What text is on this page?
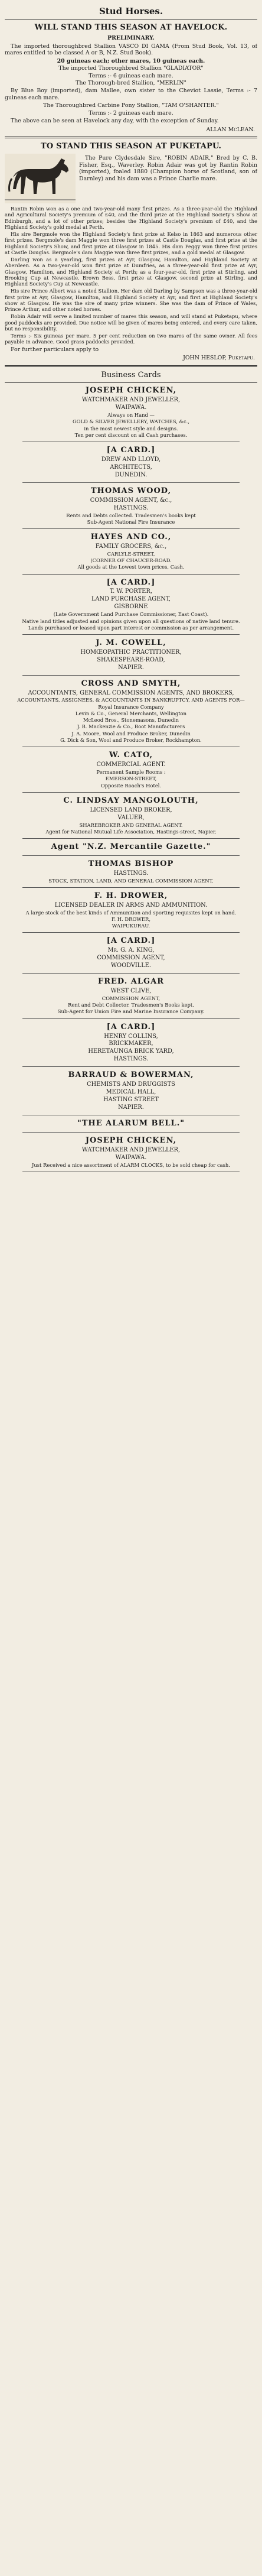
Stud Horses.
WILL STAND THIS SEASON AT HAVELOCK.
PRELIMINARY.
The imported thoroughbred Stallion VASCO DI GAMA (From Stud Book, Vol. 13, of mares entitled to be classed A or B, N.Z. Stud Book).
20 guineas each; other mares, 10 guineas each.
The imported Thoroughbred Stallion "GLADIATOR"
Terms :- 6 guineas each mare.
The Thorough-bred Stallion, "MERLIN"
By Blue Boy (imported), dam Mallee, own sister to the Cheviot Lassie, Terms :- 7 guineas each mare.
The Thoroughbred Carbine Pony Stallion, "TAM O'SHANTER."
Terms :- 2 guineas each mare.
The above can be seen at Havelock any day, with the exception of Sunday.
ALLAN McLEAN.
TO STAND THIS SEASON AT PUKETAPU.
The Pure Clydesdale Sire, "ROBIN ADAIR," Bred by C. B. Fisher, Esq., Waverley. Robin Adair was got by Rantin Robin (imported), foaled 1880 (Champion horse of Scotland, son of Darnley) and his dam was a Prince Charlie mare.
Rantin Robin won as a one and two-year-old many first prizes. As a three-year-old the Highland and Agricultural Society's premium of £40, and the third prize at the Highland Society's Show at Edinburgh, and a lot of other prizes; besides the Highland Society's premium of £40, and the Highland Society's gold medal at Perth.
His sire Bergmole won the Highland Society's first prize at Kelso in 1863 and numerous other first prizes. Bergmole's dam Maggie won three first prizes at Castle Douglas, and first prize at the Highland Society's Show, and first prize at Glasgow in 1845. His dam Peggy won three first prizes at Castle Douglas. Bergmole's dam Maggie won three first prizes, and a gold medal at Glasgow.
Darling won as a yearling, first prizes at Ayr, Glasgow, Hamilton, and Highland Society at Aberdeen. As a two-year-old won first prize at Dumfries, as a three-year-old first prize at Ayr, Glasgow, Hamilton, and Highland Society at Perth; as a four-year-old, first prize at Stirling, and Brooking Cup at Newcastle. Brown Bess, first prize at Glasgow, second prize at Stirling, and Highland Society's Cup at Newcastle.
His sire Prince Albert was a noted Stallion. Her dam old Darling by Sampson was a three-year-old first prize at Ayr, Glasgow, Hamilton, and Highland Society at Ayr, and first at Highland Society's show at Glasgow. He was the sire of many prize winners. She was the dam of Prince of Wales, Prince Arthur, and other noted horses.
Robin Adair will serve a limited number of mares this season, and will stand at Puketapu, where good paddocks are provided. Due notice will be given of mares being entered, and every care taken, but no responsibility.
Terms :- Six guineas per mare, 5 per cent reduction on two mares of the same owner. All fees payable in advance. Good grass paddocks provided.
For further particulars apply to
JOHN HESLOP, Puketapu.
Business Cards
JOSEPH CHICKEN,
WATCHMAKER AND JEWELLER,
WAIPAWA.
Always on Hand —
GOLD & SILVER JEWELLERY, WATCHES, &c.,
in the most newest style and designs.
Ten per cent discount on all Cash purchases.
[A CARD.]
DREW AND LLOYD,
ARCHITECTS,
DUNEDIN.
THOMAS WOOD,
COMMISSION AGENT, &c.,
HASTINGS.
Rents and Debts collected. Tradesmen's books kept
Sub-Agent National Fire Insurance
HAYES AND CO.,
FAMILY GROCERS, &c.,
CARLYLE-STREET,
(CORNER OF CHAUCER-ROAD.
All goods at the Lowest town prices, Cash.
[A CARD.]
T. W. PORTER,
LAND PURCHASE AGENT,
GISBORNE
(Late Government Land Purchase Commissioner, East Coast).
Native land titles adjusted and opinions given upon all questions of native land tenure.
Lands purchased or leased upon part interest or commission as per arrangement.
J. M. COWELL,
HOMŒOPATHIC PRACTITIONER,
SHAKESPEARE-ROAD,
NAPIER.
CROSS AND SMYTH,
ACCOUNTANTS, GENERAL COMMISSION AGENTS, AND BROKERS,
ACCOUNTANTS, ASSIGNEES, & ACCOUNTANTS IN BANKRUPTCY, AND AGENTS FOR—
Royal Insurance Company
Levin & Co., General Merchants, Wellington
McLeod Bros., Stonemasons, Dunedin
J. B. Mackenzie & Co., Boot Manufacturers
J. A. Moore, Wool and Produce Broker, Dunedin
G. Dick & Son, Wool and Produce Broker, Rockhampton.
W. CATO,
COMMERCIAL AGENT.
Permanent Sample Rooms :
EMERSON-STREET,
Opposite Roach's Hotel.
C. LINDSAY MANGOLOUTH,
LICENSED LAND BROKER,
VALUER,
SHAREBROKER AND GENERAL AGENT.
Agent for National Mutual Life Association, Hastings-street, Napier.
Agent "N.Z. Mercantile Gazette."
THOMAS BISHOP
HASTINGS.
STOCK, STATION, LAND, AND GENERAL COMMISSION AGENT.
F. H. DROWER,
LICENSED DEALER IN ARMS AND AMMUNITION.
A large stock of the best kinds of Ammunition and sporting requisites kept on hand.
F. H. DROWER,
WAIPUKURAU.
[A CARD.]
Mr. G. A. KING,
COMMISSION AGENT,
WOODVILLE.
FRED. ALGAR
WEST CLIVE,
COMMISSION AGENT,
Rent and Debt Collector. Tradesmen's Books kept.
Sub-Agent for Union Fire and Marine Insurance Company.
[A CARD.]
HENRY COLLINS,
BRICKMAKER,
HERETAUNGA BRICK YARD,
HASTINGS.
BARRAUD & BOWERMAN,
CHEMISTS AND DRUGGISTS
MEDICAL HALL,
HASTING STREET
NAPIER.
"THE ALARUM BELL."
JOSEPH CHICKEN,
WATCHMAKER AND JEWELLER,
WAIPAWA.
Just Received a nice assortment of ALARM CLOCKS, to be sold cheap for cash.
